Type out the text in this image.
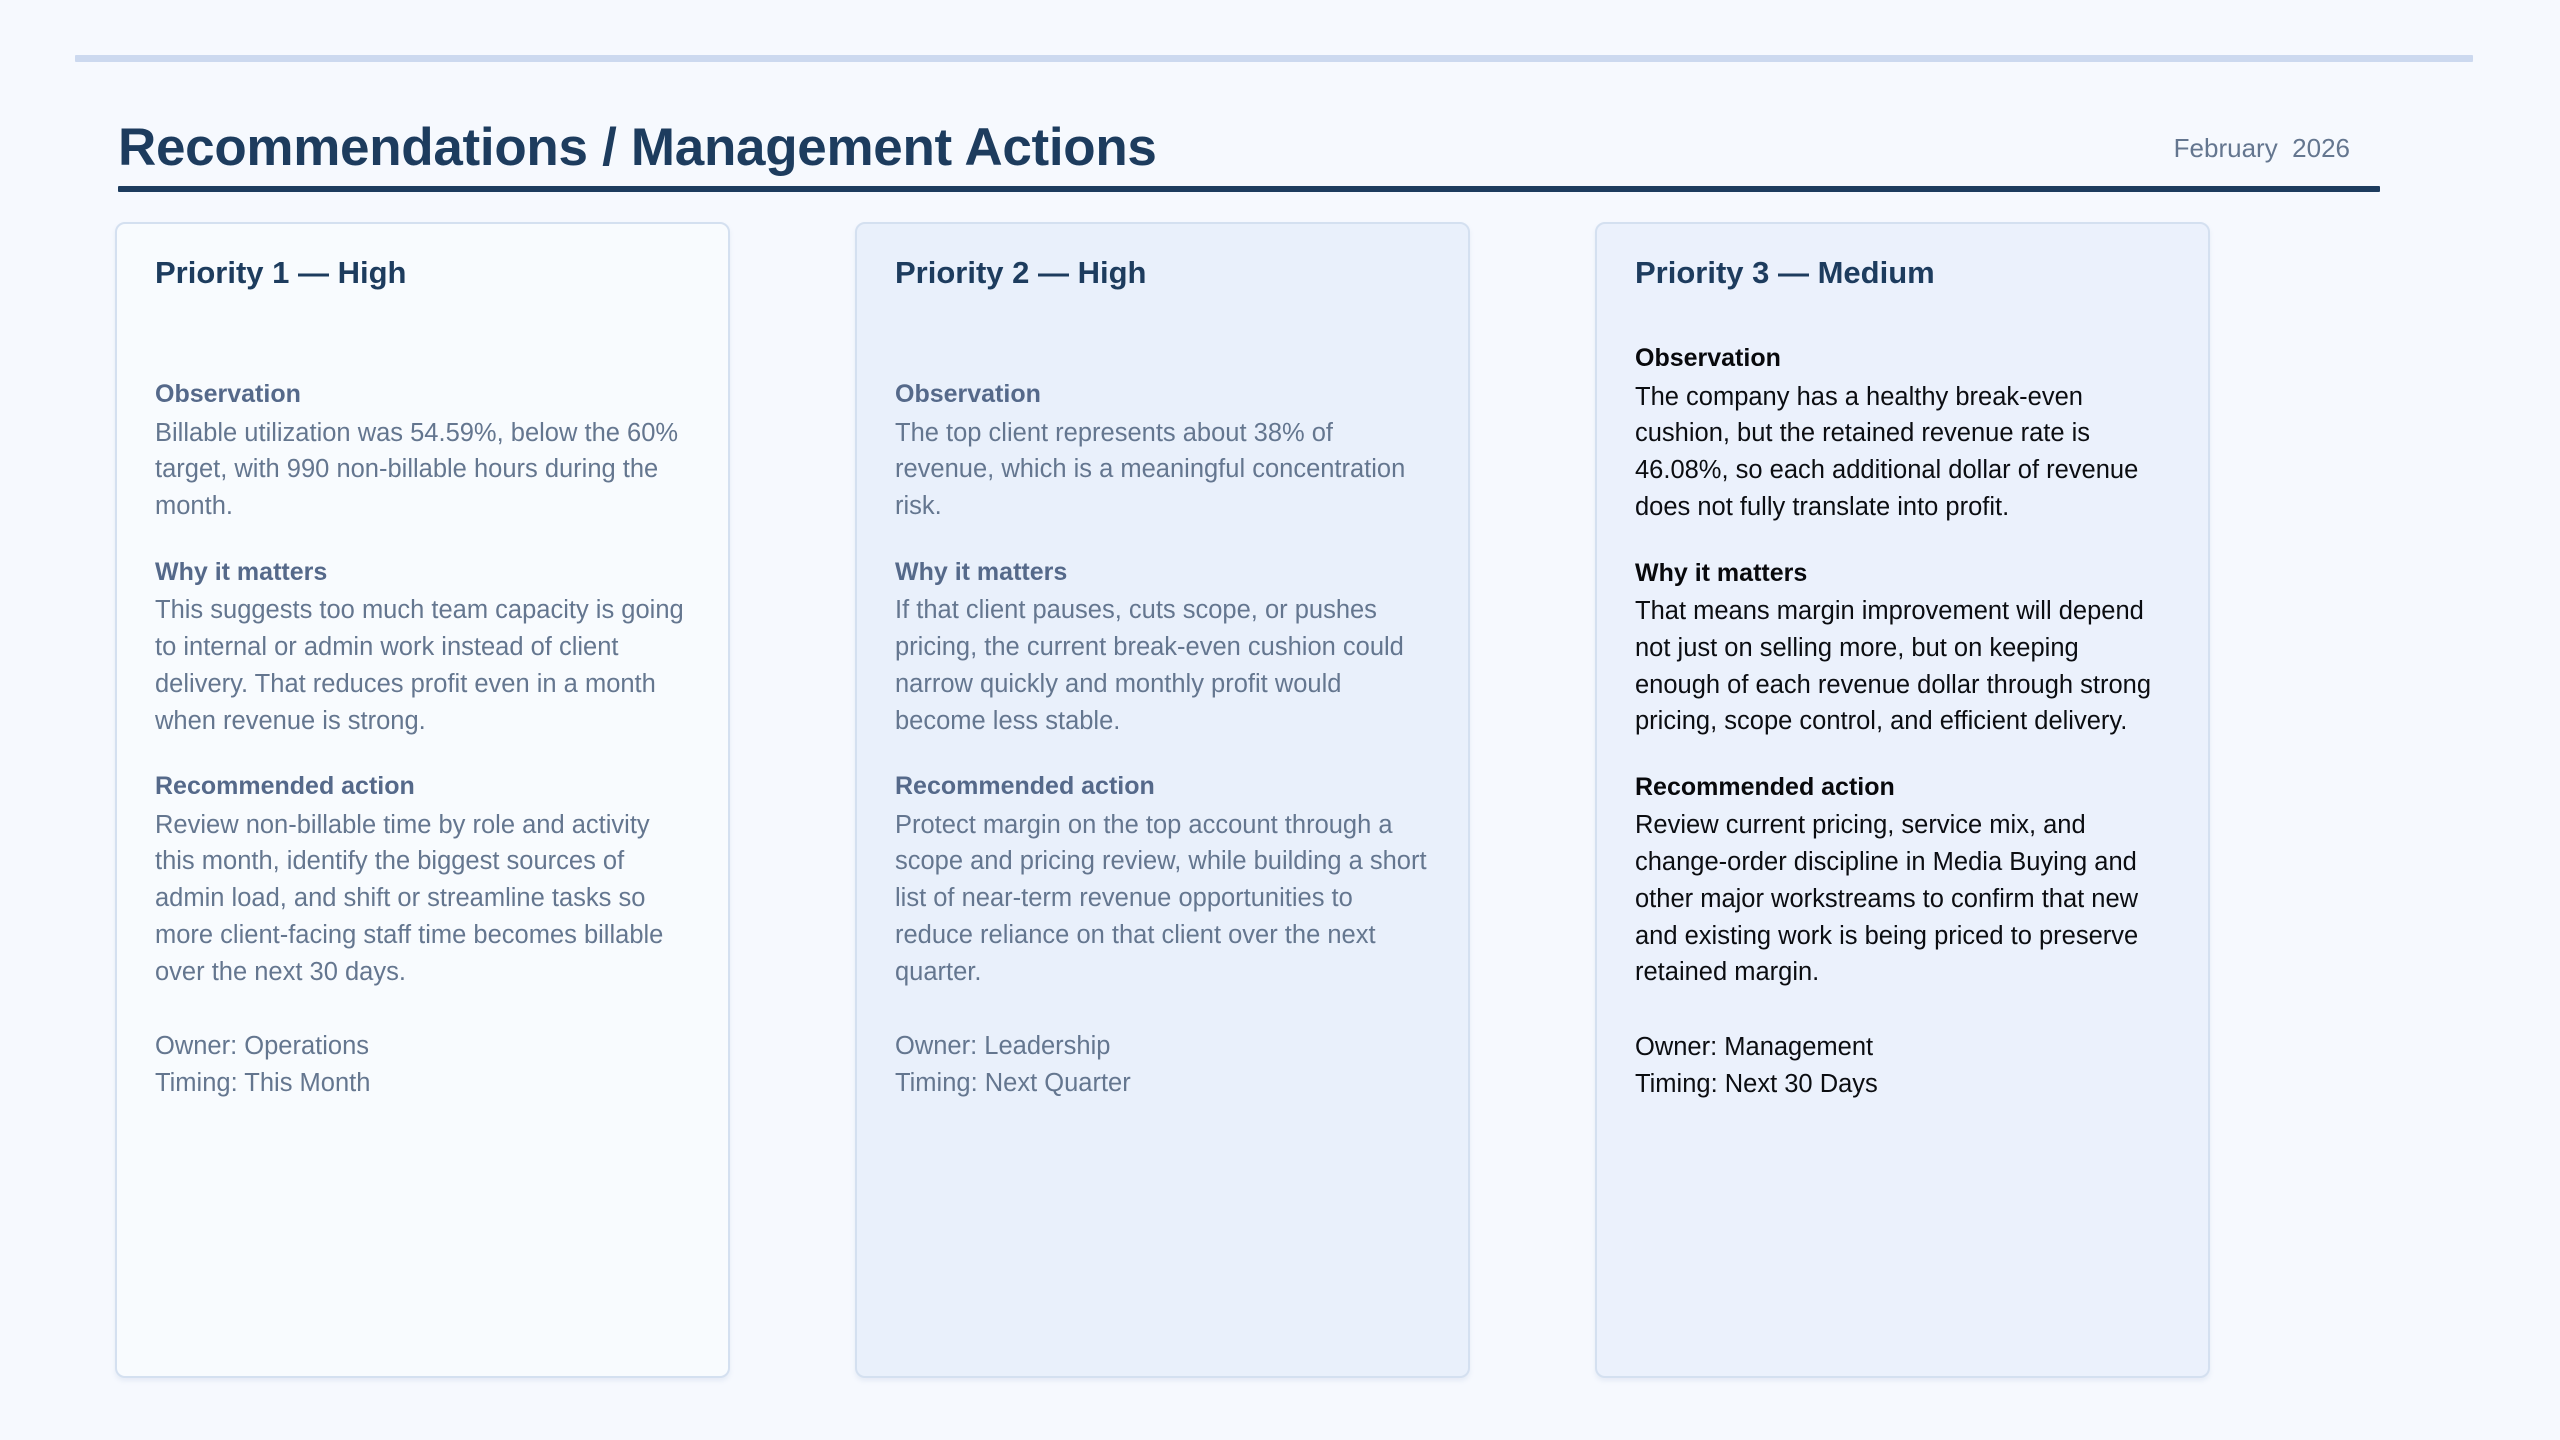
Recommendations / Management Actions	February  2026
Priority 1 — High
Observation
Billable utilization was 54.59%, below the 60% target, with 990 non-billable hours during the month.
Why it matters
This suggests too much team capacity is going to internal or admin work instead of client delivery. That reduces profit even in a month when revenue is strong.
Recommended action
Review non-billable time by role and activity this month, identify the biggest sources of admin load, and shift or streamline tasks so more client-facing staff time becomes billable over the next 30 days.
Owner: Operations
Timing: This Month
Priority 2 — High
Observation
The top client represents about 38% of revenue, which is a meaningful concentration risk.
Why it matters
If that client pauses, cuts scope, or pushes pricing, the current break-even cushion could narrow quickly and monthly profit would become less stable.
Recommended action
Protect margin on the top account through a scope and pricing review, while building a short list of near-term revenue opportunities to reduce reliance on that client over the next quarter.
Owner: Leadership
Timing: Next Quarter
Priority 3 — Medium
Observation
The company has a healthy break-even cushion, but the retained revenue rate is 46.08%, so each additional dollar of revenue does not fully translate into profit.
Why it matters
That means margin improvement will depend not just on selling more, but on keeping enough of each revenue dollar through strong pricing, scope control, and efficient delivery.
Recommended action
Review current pricing, service mix, and change-order discipline in Media Buying and other major workstreams to confirm that new and existing work is being priced to preserve retained margin.
Owner: Management
Timing: Next 30 Days
